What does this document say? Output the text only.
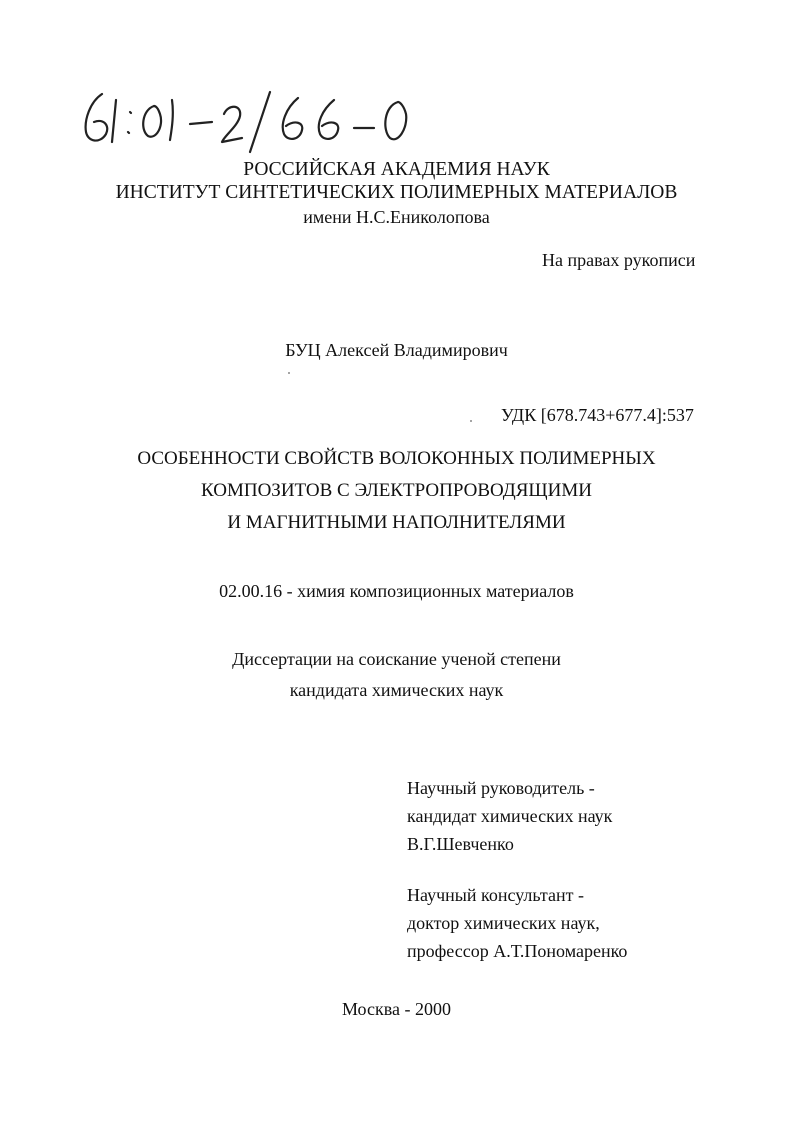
РОССИЙСКАЯ АКАДЕМИЯ НАУК
ИНСТИТУТ СИНТЕТИЧЕСКИХ ПОЛИМЕРНЫХ МАТЕРИАЛОВ
имени Н.С.Ениколопова
На правах рукописи
БУЦ Алексей Владимирович
УДК [678.743+677.4]:537
ОСОБЕННОСТИ СВОЙСТВ ВОЛОКОННЫХ ПОЛИМЕРНЫХ
КОМПОЗИТОВ С ЭЛЕКТРОПРОВОДЯЩИМИ
И МАГНИТНЫМИ НАПОЛНИТЕЛЯМИ
02.00.16 - химия композиционных материалов
Диссертации на соискание ученой степени
кандидата химических наук
Научный руководитель -
кандидат химических наук
В.Г.Шевченко
Научный консультант -
доктор химических наук,
профессор А.Т.Пономаренко
Москва - 2000
